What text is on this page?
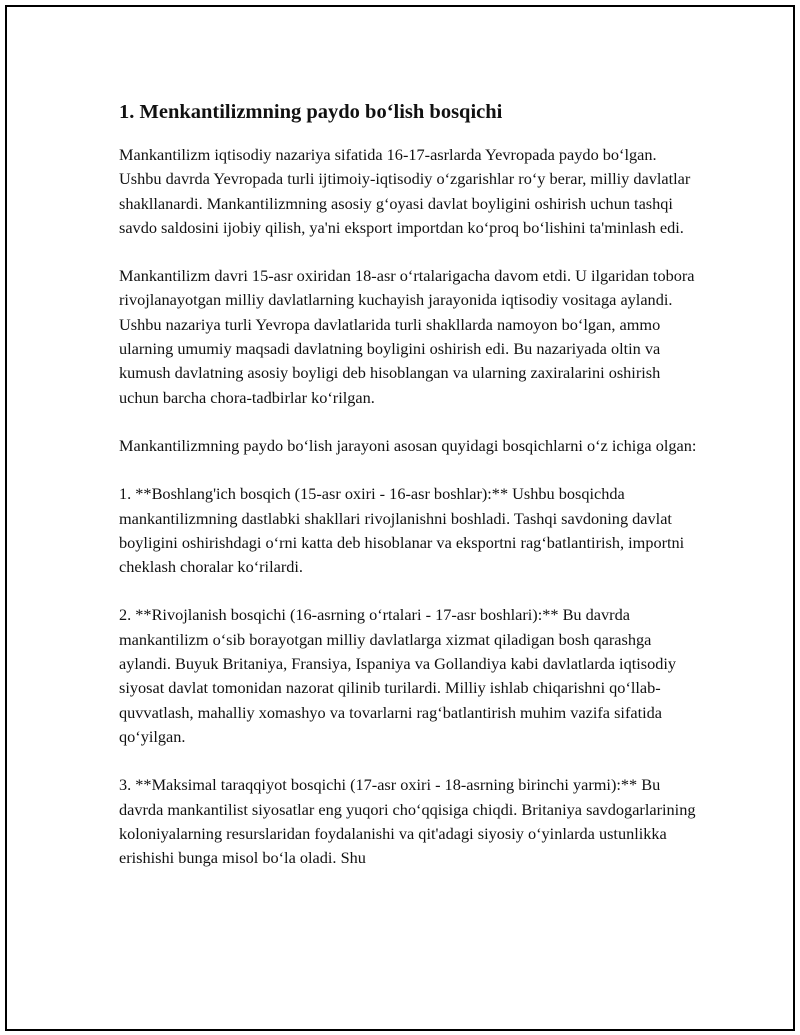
1. Menkantilizmning paydo bo‘lish bosqichi

Mankantilizm iqtisodiy nazariya sifatida 16-17-asrlarda Yevropada paydo bo‘lgan. Ushbu davrda Yevropada turli ijtimoiy-iqtisodiy o‘zgarishlar ro‘y berar, milliy davlatlar shakllanardi. Mankantilizmning asosiy g‘oyasi davlat boyligini oshirish uchun tashqi savdo saldosini ijobiy qilish, ya'ni eksport importdan ko‘proq bo‘lishini ta'minlash edi.

Mankantilizm davri 15-asr oxiridan 18-asr o‘rtalarigacha davom etdi. U ilgaridan tobora rivojlanayotgan milliy davlatlarning kuchayish jarayonida iqtisodiy vositaga aylandi. Ushbu nazariya turli Yevropa davlatlarida turli shakllarda namoyon bo‘lgan, ammo ularning umumiy maqsadi davlatning boyligini oshirish edi. Bu nazariyada oltin va kumush davlatning asosiy boyligi deb hisoblangan va ularning zaxiralarini oshirish uchun barcha chora-tadbirlar ko‘rilgan.

Mankantilizmning paydo bo‘lish jarayoni asosan quyidagi bosqichlarni o‘z ichiga olgan:

1. **Boshlang'ich bosqich (15-asr oxiri - 16-asr boshlar):** Ushbu bosqichda mankantilizmning dastlabki shakllari rivojlanishni boshladi. Tashqi savdoning davlat boyligini oshirishdagi o‘rni katta deb hisoblanar va eksportni rag‘batlantirish, importni cheklash choralar ko‘rilardi.

2. **Rivojlanish bosqichi (16-asrning o‘rtalari - 17-asr boshlari):** Bu davrda mankantilizm o‘sib borayotgan milliy davlatlarga xizmat qiladigan bosh qarashga aylandi. Buyuk Britaniya, Fransiya, Ispaniya va Gollandiya kabi davlatlarda iqtisodiy siyosat davlat tomonidan nazorat qilinib turilardi. Milliy ishlab chiqarishni qo‘llab-quvvatlash, mahalliy xomashyo va tovarlarni rag‘batlantirish muhim vazifa sifatida qo‘yilgan.

3. **Maksimal taraqqiyot bosqichi (17-asr oxiri - 18-asrning birinchi yarmi):** Bu davrda mankantilist siyosatlar eng yuqori cho‘qqisiga chiqdi. Britaniya savdogarlarining koloniyalarning resurslaridan foydalanishi va qit'adagi siyosiy o‘yinlarda ustunlikka erishishi bunga misol bo‘la oladi. Shu
